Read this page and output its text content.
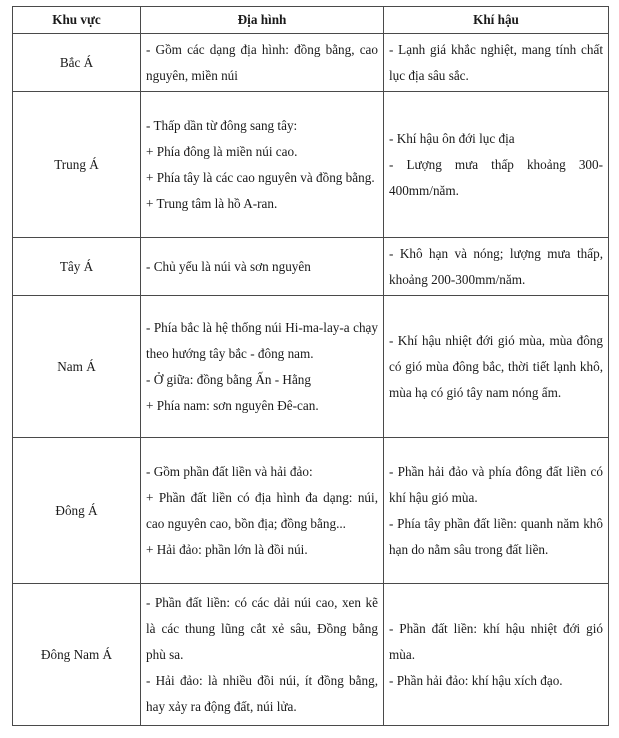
Khu vực	Địa hình	Khí hậu
Bắc Á	- Gồm các dạng địa hình: đồng bằng, cao nguyên, miền núi	- Lạnh giá khắc nghiệt, mang tính chất lục địa sâu sắc.

Trung Á	- Thấp dần từ đông sang tây:
+ Phía đông là miền núi cao.
+ Phía tây là các cao nguyên và đồng bằng.
+ Trung tâm là hồ A-ran.	- Khí hậu ôn đới lục địa
- Lượng mưa thấp khoảng 300-400mm/năm.

Tây Á	- Chủ yếu là núi và sơn nguyên	- Khô hạn và nóng; lượng mưa thấp, khoảng 200-300mm/năm.

Nam Á	- Phía bắc là hệ thống núi Hi-ma-lay-a chạy theo hướng tây bắc - đông nam.
- Ở giữa: đồng bằng Ấn - Hằng
+ Phía nam: sơn nguyên Đê-can.	- Khí hậu nhiệt đới gió mùa, mùa đông có gió mùa đông bắc, thời tiết lạnh khô, mùa hạ có gió tây nam nóng ẩm.

Đông Á	- Gồm phần đất liền và hải đảo:
+ Phần đất liền có địa hình đa dạng: núi, cao nguyên cao, bồn địa; đồng bằng...
+ Hải đảo: phần lớn là đồi núi.	- Phần hải đảo và phía đông đất liền có khí hậu gió mùa.
- Phía tây phần đất liền: quanh năm khô hạn do nằm sâu trong đất liền.

Đông Nam Á	- Phần đất liền: có các dải núi cao, xen kẽ là các thung lũng cắt xẻ sâu, Đồng bằng phù sa.
- Hải đảo: là nhiều đồi núi, ít đồng bằng, hay xảy ra động đất, núi lửa.	- Phần đất liền: khí hậu nhiệt đới gió mùa.
- Phần hải đảo: khí hậu xích đạo.
